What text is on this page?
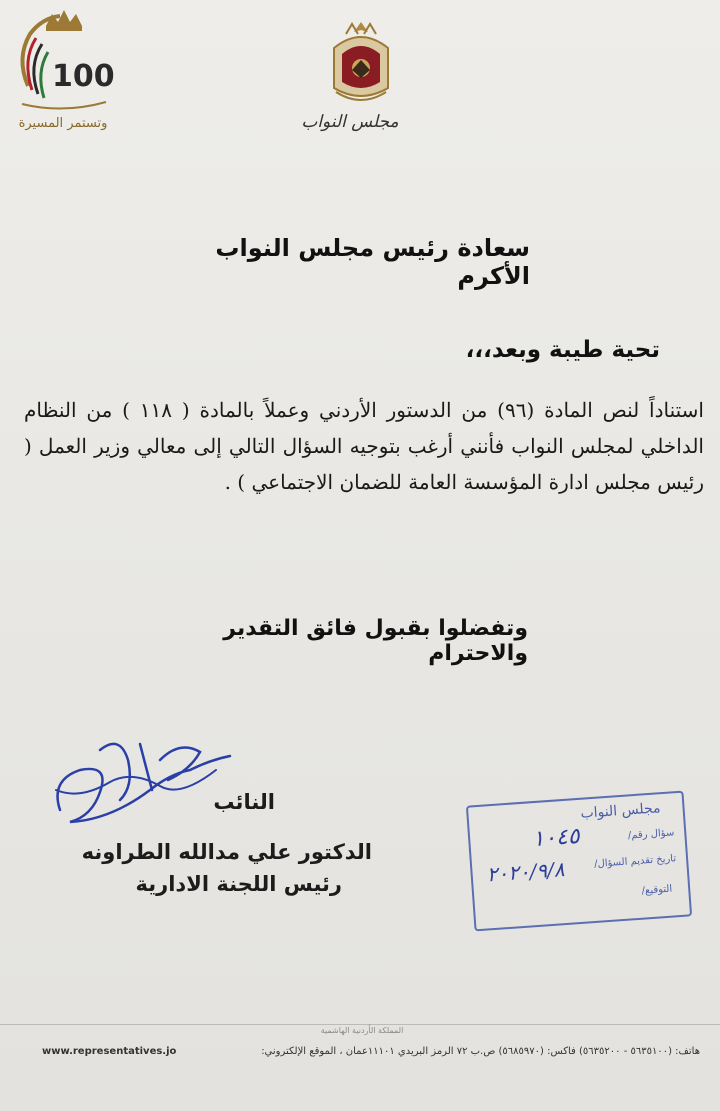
100
وتستمر المسيرة	مجلس النواب
سعادة رئيس مجلس النواب الأكرم
تحية طيبة وبعد،،،
استناداً لنص المادة (٩٦) من الدستور الأردني وعملاً بالمادة ( ١١٨ ) من النظام الداخلي لمجلس النواب فأنني أرغب بتوجيه السؤال التالي إلى معالي وزير العمل ( رئيس مجلس ادارة المؤسسة العامة للضمان الاجتماعي ) .
وتفضلوا بقبول فائق التقدير والاحترام
النائب
الدكتور علي مدالله الطراونه
رئيس اللجنة الادارية
مجلس النواب
سؤال رقم/
١٠٤٥
تاريخ تقديم السؤال/
٢٠٢٠/٩/٨
التوقيع/
المملكة الأردنية الهاشمية
www.representatives.jo	هاتف: (٥٦٣٥١٠٠ - ٥٦٣٥٢٠٠) فاكس: (٥٦٨٥٩٧٠) ص.ب ٧٢ الرمز البريدي ١١١٠١عمان ، الموقع الإلكتروني:
